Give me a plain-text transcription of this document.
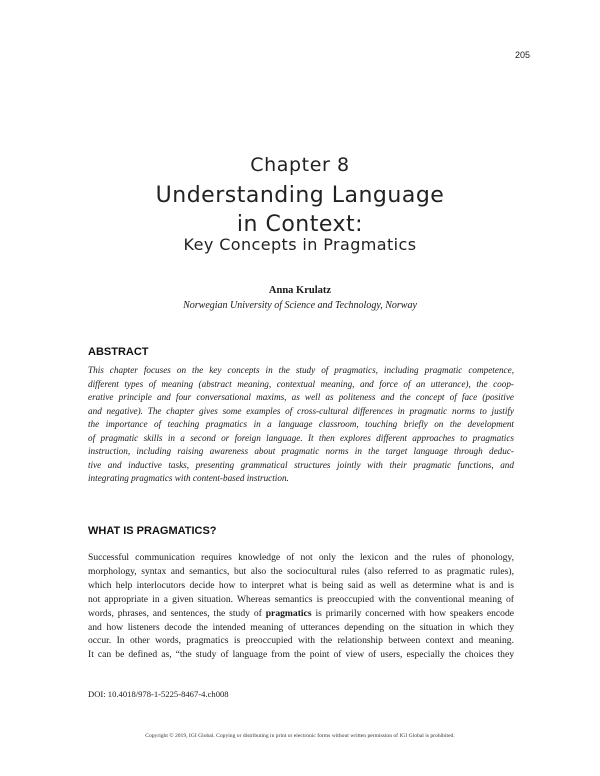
205
Chapter 8
Understanding Language
in Context:
Key Concepts in Pragmatics
Anna Krulatz
Norwegian University of Science and Technology, Norway
ABSTRACT
This chapter focuses on the key concepts in the study of pragmatics, including pragmatic competence,
different types of meaning (abstract meaning, contextual meaning, and force of an utterance), the coop-
erative principle and four conversational maxims, as well as politeness and the concept of face (positive
and negative). The chapter gives some examples of cross-cultural differences in pragmatic norms to justify
the importance of teaching pragmatics in a language classroom, touching briefly on the development
of pragmatic skills in a second or foreign language. It then explores different approaches to pragmatics
instruction, including raising awareness about pragmatic norms in the target language through deduc-
tive and inductive tasks, presenting grammatical structures jointly with their pragmatic functions, and
integrating pragmatics with content-based instruction.
WHAT IS PRAGMATICS?
Successful communication requires knowledge of not only the lexicon and the rules of phonology,
morphology, syntax and semantics, but also the sociocultural rules (also referred to as pragmatic rules),
which help interlocutors decide how to interpret what is being said as well as determine what is and is
not appropriate in a given situation. Whereas semantics is preoccupied with the conventional meaning of
words, phrases, and sentences, the study of pragmatics is primarily concerned with how speakers encode
and how listeners decode the intended meaning of utterances depending on the situation in which they
occur. In other words, pragmatics is preoccupied with the relationship between context and meaning.
It can be defined as, “the study of language from the point of view of users, especially the choices they
DOI: 10.4018/978-1-5225-8467-4.ch008
Copyright © 2019, IGI Global. Copying or distributing in print or electronic forms without written permission of IGI Global is prohibited.
